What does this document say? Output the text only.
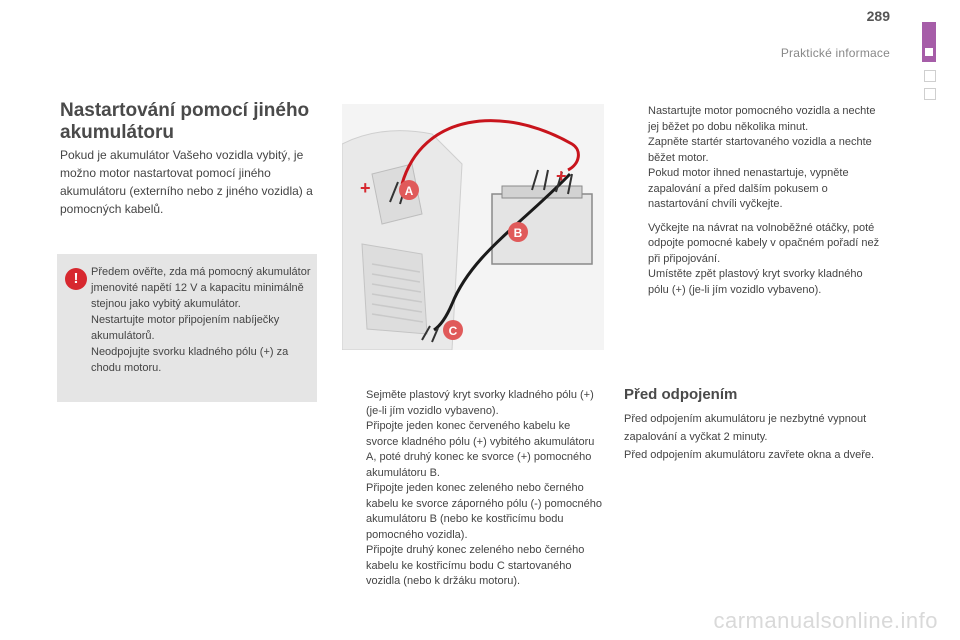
289
Praktické informace
Nastartování pomocí jiného akumulátoru

Pokud je akumulátor Vašeho vozidla vybitý, je možno motor nastartovat pomocí jiného akumulátoru (externího nebo z jiného vozidla) a pomocných kabelů.

!	Předem ověřte, zda má pomocný akumulátor jmenovité napětí 12 V a kapacitu minimálně stejnou jako vybitý akumulátor.

Nestartujte motor připojením nabíječky akumulátorů.

Neodpojujte svorku kladného pólu (+) za chodu motoru.

+
+
A
B
C

Sejměte plastový kryt svorky kladného pólu (+) (je-li jím vozidlo vybaveno).

Připojte jeden konec červeného kabelu ke svorce kladného pólu (+) vybitého akumulátoru A, poté druhý konec ke svorce (+) pomocného akumulátoru B.

Připojte jeden konec zeleného nebo černého kabelu ke svorce záporného pólu (-) pomocného akumulátoru B (nebo ke kostřicímu bodu pomocného vozidla).

Připojte druhý konec zeleného nebo černého kabelu ke kostřicímu bodu C startovaného vozidla (nebo k držáku motoru).

Nastartujte motor pomocného vozidla a nechte jej běžet po dobu několika minut.

Zapněte startér startovaného vozidla a nechte běžet motor.

Pokud motor ihned nenastartuje, vypněte zapalování a před dalším pokusem o nastartování chvíli vyčkejte.

Vyčkejte na návrat na volnoběžné otáčky, poté odpojte pomocné kabely v opačném pořadí než při připojování.

Umístěte zpět plastový kryt svorky kladného pólu (+) (je-li jím vozidlo vybaveno).

Před odpojením

Před odpojením akumulátoru je nezbytné vypnout zapalování a vyčkat 2 minuty.

Před odpojením akumulátoru zavřete okna a dveře.

carmanualsonline.info
